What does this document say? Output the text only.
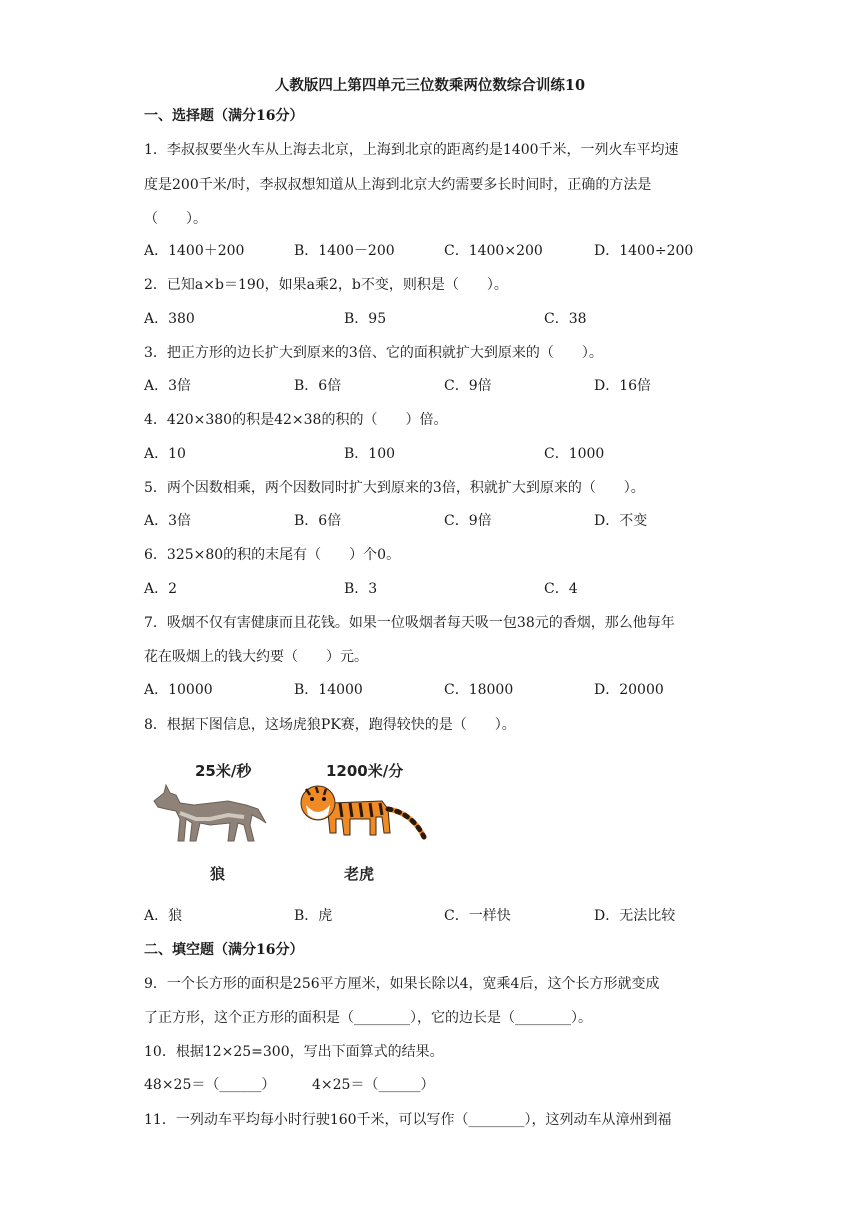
人教版四上第四单元三位数乘两位数综合训练10
一、选择题（满分16分）
1．李叔叔要坐火车从上海去北京，上海到北京的距离约是1400千米，一列火车平均速
度是200千米/时，李叔叔想知道从上海到北京大约需要多长时间时，正确的方法是
（　　）。
A．1400＋200	B．1400－200	C．1400×200	D．1400÷200
2．已知a×b＝190，如果a乘2，b不变，则积是（　　）。
A．380	B．95	C．38
3．把正方形的边长扩大到原来的3倍、它的面积就扩大到原来的（　　）。
A．3倍	B．6倍	C．9倍	D．16倍
4．420×380的积是42×38的积的（　　）倍。
A．10	B．100	C．1000
5．两个因数相乘，两个因数同时扩大到原来的3倍，积就扩大到原来的（　　）。
A．3倍	B．6倍	C．9倍	D．不变
6．325×80的积的末尾有（　　）个0。
A．2	B．3	C．4
7．吸烟不仅有害健康而且花钱。如果一位吸烟者每天吸一包38元的香烟，那么他每年
花在吸烟上的钱大约要（　　）元。
A．10000	B．14000	C．18000	D．20000
8．根据下图信息，这场虎狼PK赛，跑得较快的是（　　）。
25米/秒	1200米/分
狼	老虎
A．狼	B．虎	C．一样快	D．无法比较
二、填空题（满分16分）
9．一个长方形的面积是256平方厘米，如果长除以4，宽乘4后，这个长方形就变成
了正方形，这个正方形的面积是（________），它的边长是（________）。
10．根据12×25=300，写出下面算式的结果。
48×25＝（______）	4×25＝（______）
11．一列动车平均每小时行驶160千米，可以写作（________），这列动车从漳州到福
